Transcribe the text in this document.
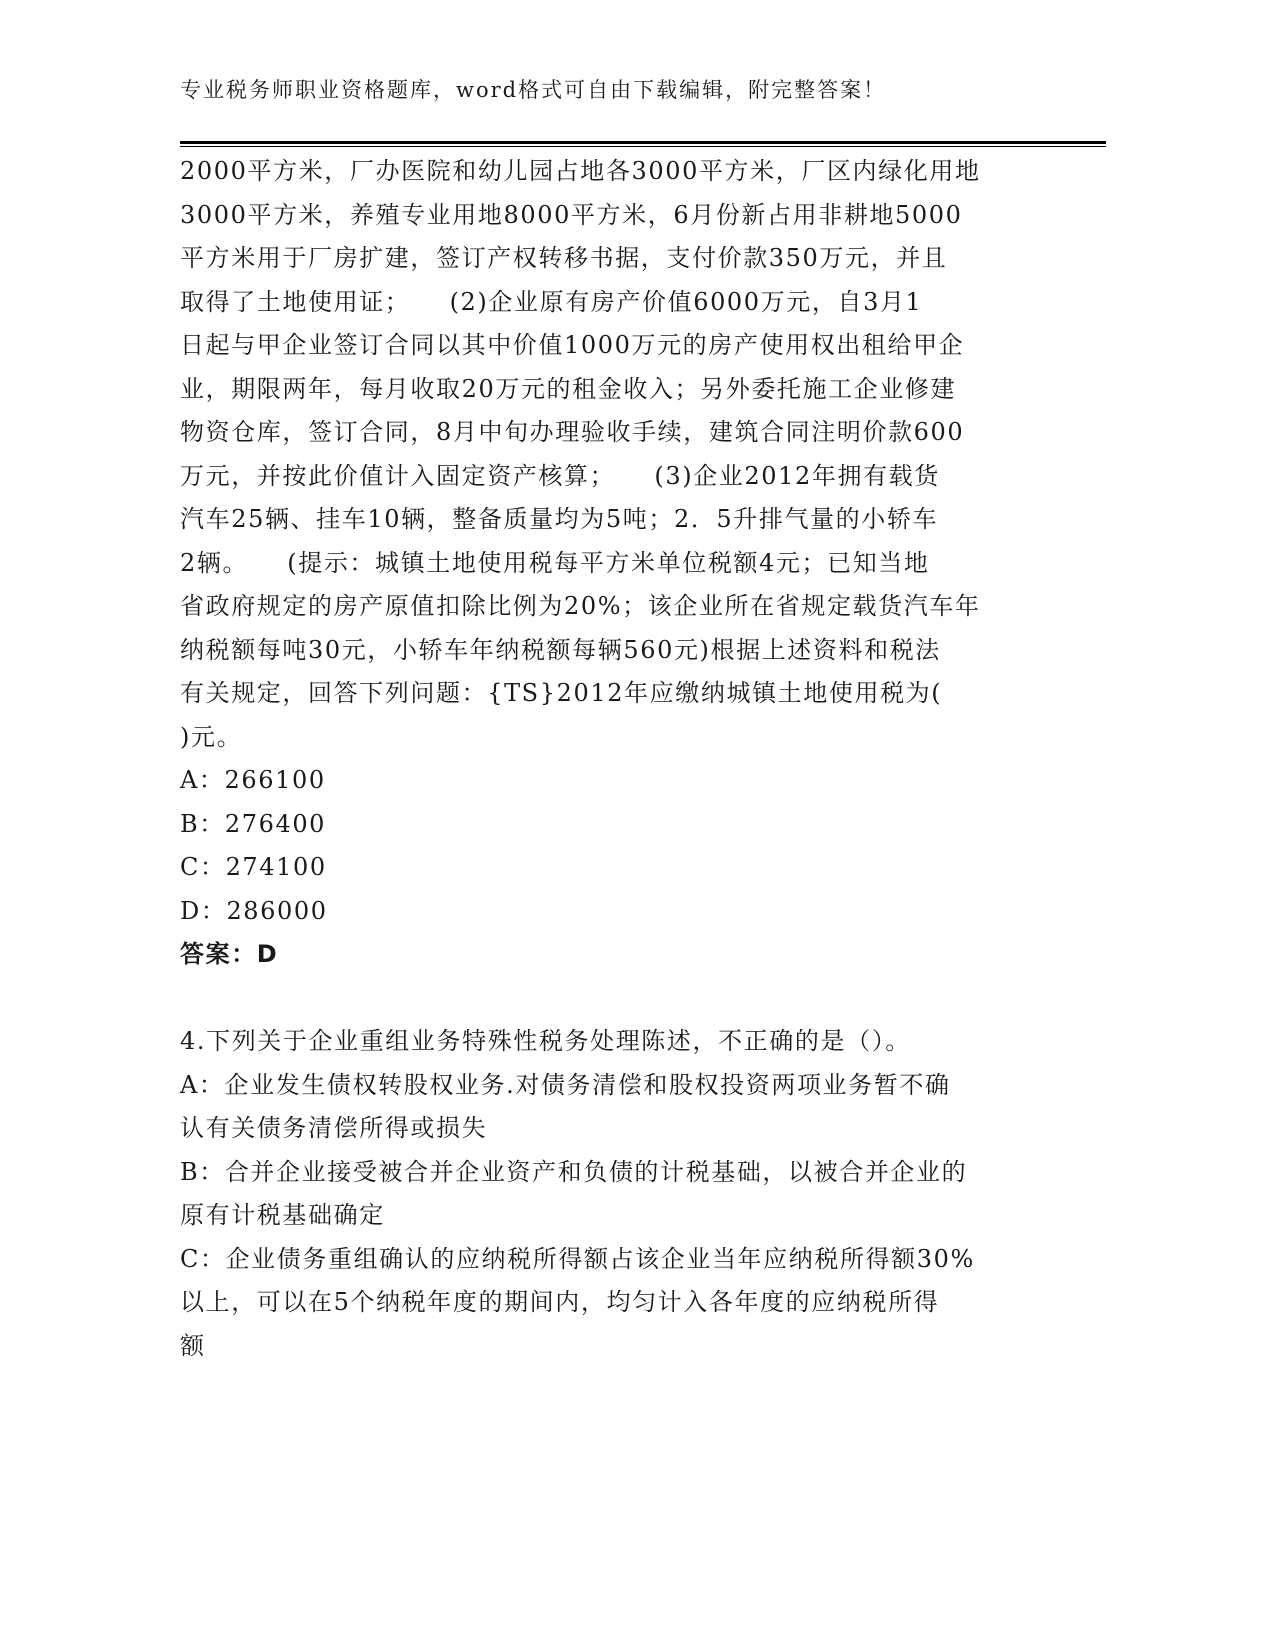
专业税务师职业资格题库，word格式可自由下载编辑，附完整答案！
2000平方米，厂办医院和幼儿园占地各3000平方米，厂区内绿化用地
3000平方米，养殖专业用地8000平方米，6月份新占用非耕地5000
平方米用于厂房扩建，签订产权转移书据，支付价款350万元，并且
取得了土地使用证；　　(2)企业原有房产价值6000万元，自3月1
日起与甲企业签订合同以其中价值1000万元的房产使用权出租给甲企
业，期限两年，每月收取20万元的租金收入；另外委托施工企业修建
物资仓库，签订合同，8月中旬办理验收手续，建筑合同注明价款600
万元，并按此价值计入固定资产核算；　　(3)企业2012年拥有载货
汽车25辆、挂车10辆，整备质量均为5吨；2．5升排气量的小轿车
2辆。　　(提示：城镇土地使用税每平方米单位税额4元；已知当地
省政府规定的房产原值扣除比例为20%；该企业所在省规定载货汽车年
纳税额每吨30元，小轿车年纳税额每辆560元)根据上述资料和税法
有关规定，回答下列问题：{TS}2012年应缴纳城镇土地使用税为(
)元。
A：266100
B：276400
C：274100
D：286000
答案：D
4.下列关于企业重组业务特殊性税务处理陈述，不正确的是（）。
A：企业发生债权转股权业务.对债务清偿和股权投资两项业务暂不确
认有关债务清偿所得或损失
B：合并企业接受被合并企业资产和负债的计税基础，以被合并企业的
原有计税基础确定
C：企业债务重组确认的应纳税所得额占该企业当年应纳税所得额30%
以上，可以在5个纳税年度的期间内，均匀计入各年度的应纳税所得
额
